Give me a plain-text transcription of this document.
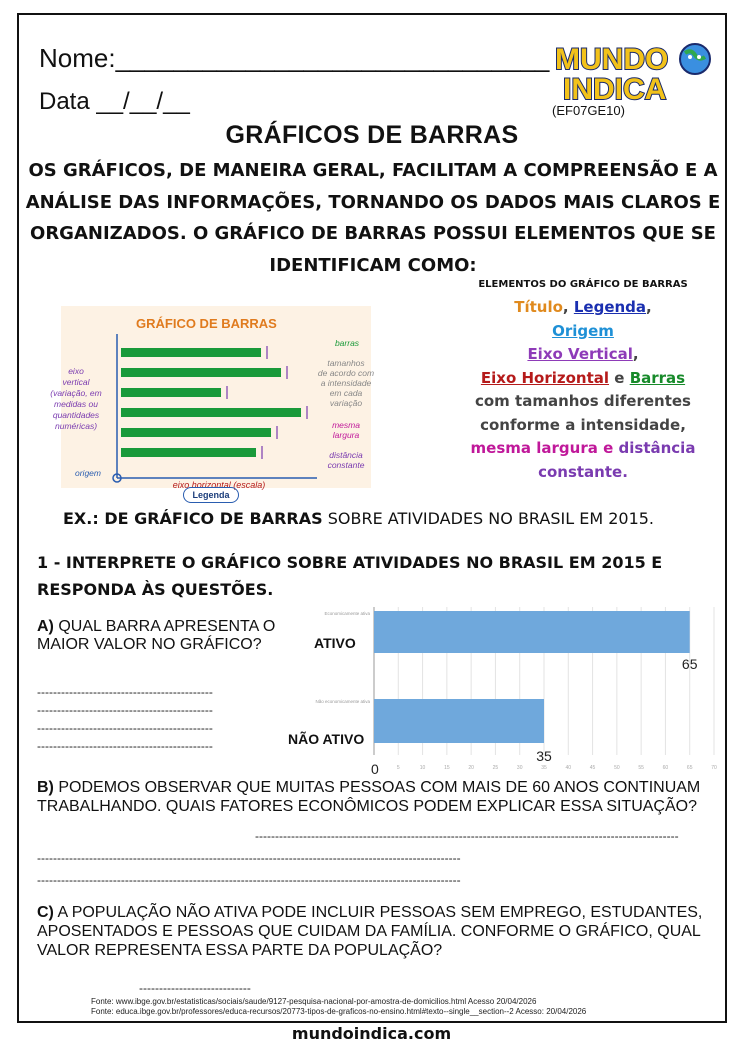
Nome:______________________________
Data __/__/__
MUNDO
INDICA
(EF07GE10)
GRÁFICOS DE BARRAS
OS GRÁFICOS, DE MANEIRA GERAL, FACILITAM A COMPREENSÃO E A ANÁLISE DAS INFORMAÇÕES, TORNANDO OS DADOS MAIS CLAROS E ORGANIZADOS. O GRÁFICO DE BARRAS POSSUI ELEMENTOS QUE SE IDENTIFICAM COMO:
GRÁFICO DE BARRAS
eixo
vertical
(variação, em
medidas ou
quantidades
numéricas)
barras
tamanhos
de acordo com
a intensidade
em cada
variação
mesma
largura
distância
constante
origem
eixo horizontal (escala)
Legenda
ELEMENTOS DO GRÁFICO DE BARRAS
Título, Legenda,
Origem
Eixo Vertical,
Eixo Horizontal e Barras
com tamanhos diferentes conforme a intensidade, mesma largura e distância constante.
EX.: DE GRÁFICO DE BARRAS SOBRE ATIVIDADES NO BRASIL EM 2015.
1 - INTERPRETE O GRÁFICO SOBRE ATIVIDADES NO BRASIL EM 2015 E RESPONDA ÀS QUESTÕES.
A) QUAL BARRA APRESENTA O MAIOR VALOR NO GRÁFICO?
--------------------------------------------
--------------------------------------------
--------------------------------------------
--------------------------------------------
5	10	15	20	25	30	35	40	45	50	55	60	65	70
ATIVO
Economicamente ativa
65
NÃO ATIVO
Não economicamente ativa
35
0
B) PODEMOS OBSERVAR QUE MUITAS PESSOAS COM MAIS DE 60 ANOS CONTINUAM TRABALHANDO. QUAIS FATORES ECONÔMICOS PODEM EXPLICAR ESSA SITUAÇÃO?
----------------------------------------------------------------------------------------------------------
----------------------------------------------------------------------------------------------------------
----------------------------------------------------------------------------------------------------------
C) A POPULAÇÃO NÃO ATIVA PODE INCLUIR PESSOAS SEM EMPREGO, ESTUDANTES, APOSENTADOS E PESSOAS QUE CUIDAM DA FAMÍLIA. CONFORME O GRÁFICO, QUAL VALOR REPRESENTA ESSA PARTE DA POPULAÇÃO?
----------------------------
Fonte: www.ibge.gov.br/estatisticas/sociais/saude/9127-pesquisa-nacional-por-amostra-de-domicilios.html Acesso 20/04/2026
Fonte: educa.ibge.gov.br/professores/educa-recursos/20773-tipos-de-graficos-no-ensino.html#texto--single__section--2 Acesso: 20/04/2026
mundoindica.com
